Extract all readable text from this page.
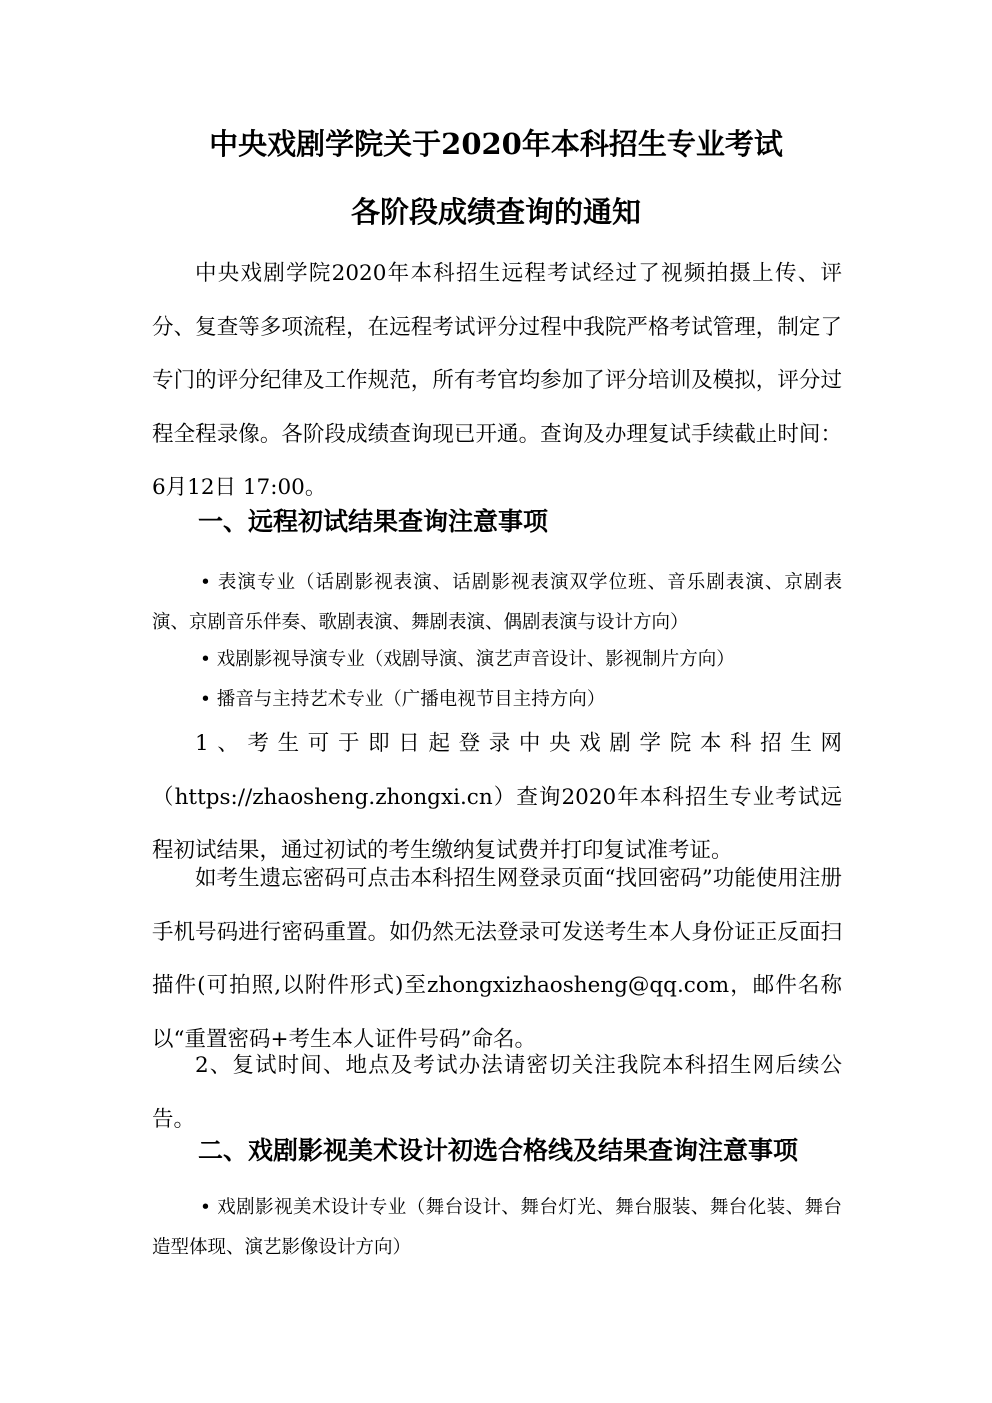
中央戏剧学院关于2020年本科招生专业考试
各阶段成绩查询的通知

中央戏剧学院2020年本科招生远程考试经过了视频拍摄上传、评分、复查等多项流程，在远程考试评分过程中我院严格考试管理，制定了专门的评分纪律及工作规范，所有考官均参加了评分培训及模拟，评分过程全程录像。各阶段成绩查询现已开通。查询及办理复试手续截止时间：6月12日 17:00。

一、远程初试结果查询注意事项

• 表演专业（话剧影视表演、话剧影视表演双学位班、音乐剧表演、京剧表演、京剧音乐伴奏、歌剧表演、舞剧表演、偶剧表演与设计方向）

• 戏剧影视导演专业（戏剧导演、演艺声音设计、影视制片方向）

• 播音与主持艺术专业（广播电视节目主持方向）

1、考生可于即日起登录中央戏剧学院本科招生网（https://zhaosheng.zhongxi.cn）查询2020年本科招生专业考试远程初试结果，通过初试的考生缴纳复试费并打印复试准考证。

如考生遗忘密码可点击本科招生网登录页面“找回密码”功能使用注册手机号码进行密码重置。如仍然无法登录可发送考生本人身份证正反面扫描件(可拍照,以附件形式)至zhongxizhaosheng@qq.com，邮件名称以“重置密码+考生本人证件号码”命名。

2、复试时间、地点及考试办法请密切关注我院本科招生网后续公告。

二、戏剧影视美术设计初选合格线及结果查询注意事项

• 戏剧影视美术设计专业（舞台设计、舞台灯光、舞台服装、舞台化装、舞台造型体现、演艺影像设计方向）
